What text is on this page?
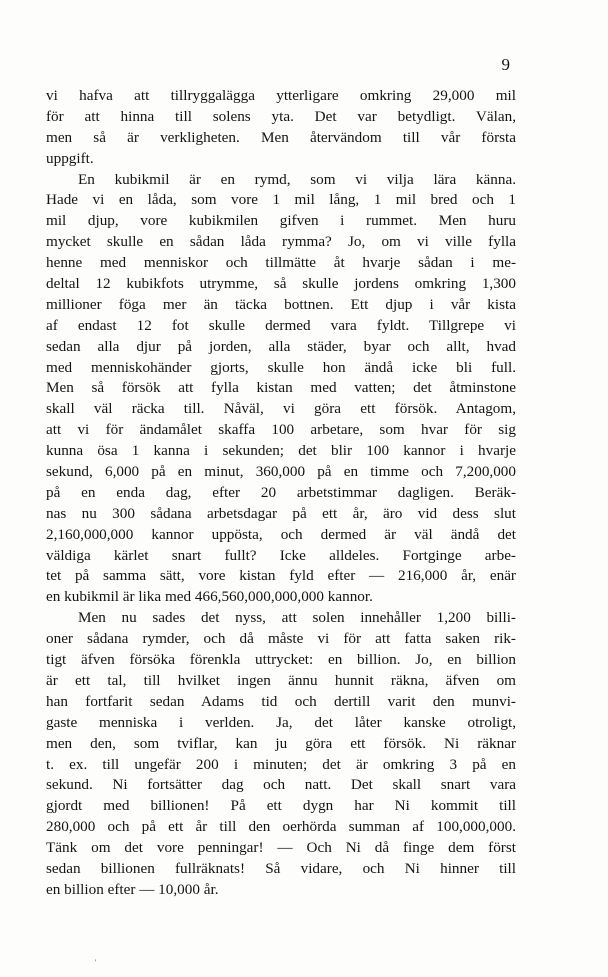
9
vi hafva att tillryggalägga ytterligare omkring 29,000 mil
för att hinna till solens yta. Det var betydligt. Välan,
men så är verkligheten. Men återvändom till vår första
uppgift.
En kubikmil är en rymd, som vi vilja lära känna.
Hade vi en låda, som vore 1 mil lång, 1 mil bred och 1
mil djup, vore kubikmilen gifven i rummet. Men huru
mycket skulle en sådan låda rymma? Jo, om vi ville fylla
henne med menniskor och tillmätte åt hvarje sådan i me-
deltal 12 kubikfots utrymme, så skulle jordens omkring 1,300
millioner föga mer än täcka bottnen. Ett djup i vår kista
af endast 12 fot skulle dermed vara fyldt. Tillgrepe vi
sedan alla djur på jorden, alla städer, byar och allt, hvad
med menniskohänder gjorts, skulle hon ändå icke bli full.
Men så försök att fylla kistan med vatten; det åtminstone
skall väl räcka till. Nåväl, vi göra ett försök. Antagom,
att vi för ändamålet skaffa 100 arbetare, som hvar för sig
kunna ösa 1 kanna i sekunden; det blir 100 kannor i hvarje
sekund, 6,000 på en minut, 360,000 på en timme och 7,200,000
på en enda dag, efter 20 arbetstimmar dagligen. Beräk-
nas nu 300 sådana arbetsdagar på ett år, äro vid dess slut
2,160,000,000 kannor uppösta, och dermed är väl ändå det
väldiga kärlet snart fullt? Icke alldeles. Fortginge arbe-
tet på samma sätt, vore kistan fyld efter — 216,000 år, enär
en kubikmil är lika med 466,560,000,000,000 kannor.
Men nu sades det nyss, att solen innehåller 1,200 billi-
oner sådana rymder, och då måste vi för att fatta saken rik-
tigt äfven försöka förenkla uttrycket: en billion. Jo, en billion
är ett tal, till hvilket ingen ännu hunnit räkna, äfven om
han fortfarit sedan Adams tid och dertill varit den munvi-
gaste menniska i verlden. Ja, det låter kanske otroligt,
men den, som tviflar, kan ju göra ett försök. Ni räknar
t. ex. till ungefär 200 i minuten; det är omkring 3 på en
sekund. Ni fortsätter dag och natt. Det skall snart vara
gjordt med billionen! På ett dygn har Ni kommit till
280,000 och på ett år till den oerhörda summan af 100,000,000.
Tänk om det vore penningar! — Och Ni då finge dem först
sedan billionen fullräknats! Så vidare, och Ni hinner till
en billion efter — 10,000 år.
'
